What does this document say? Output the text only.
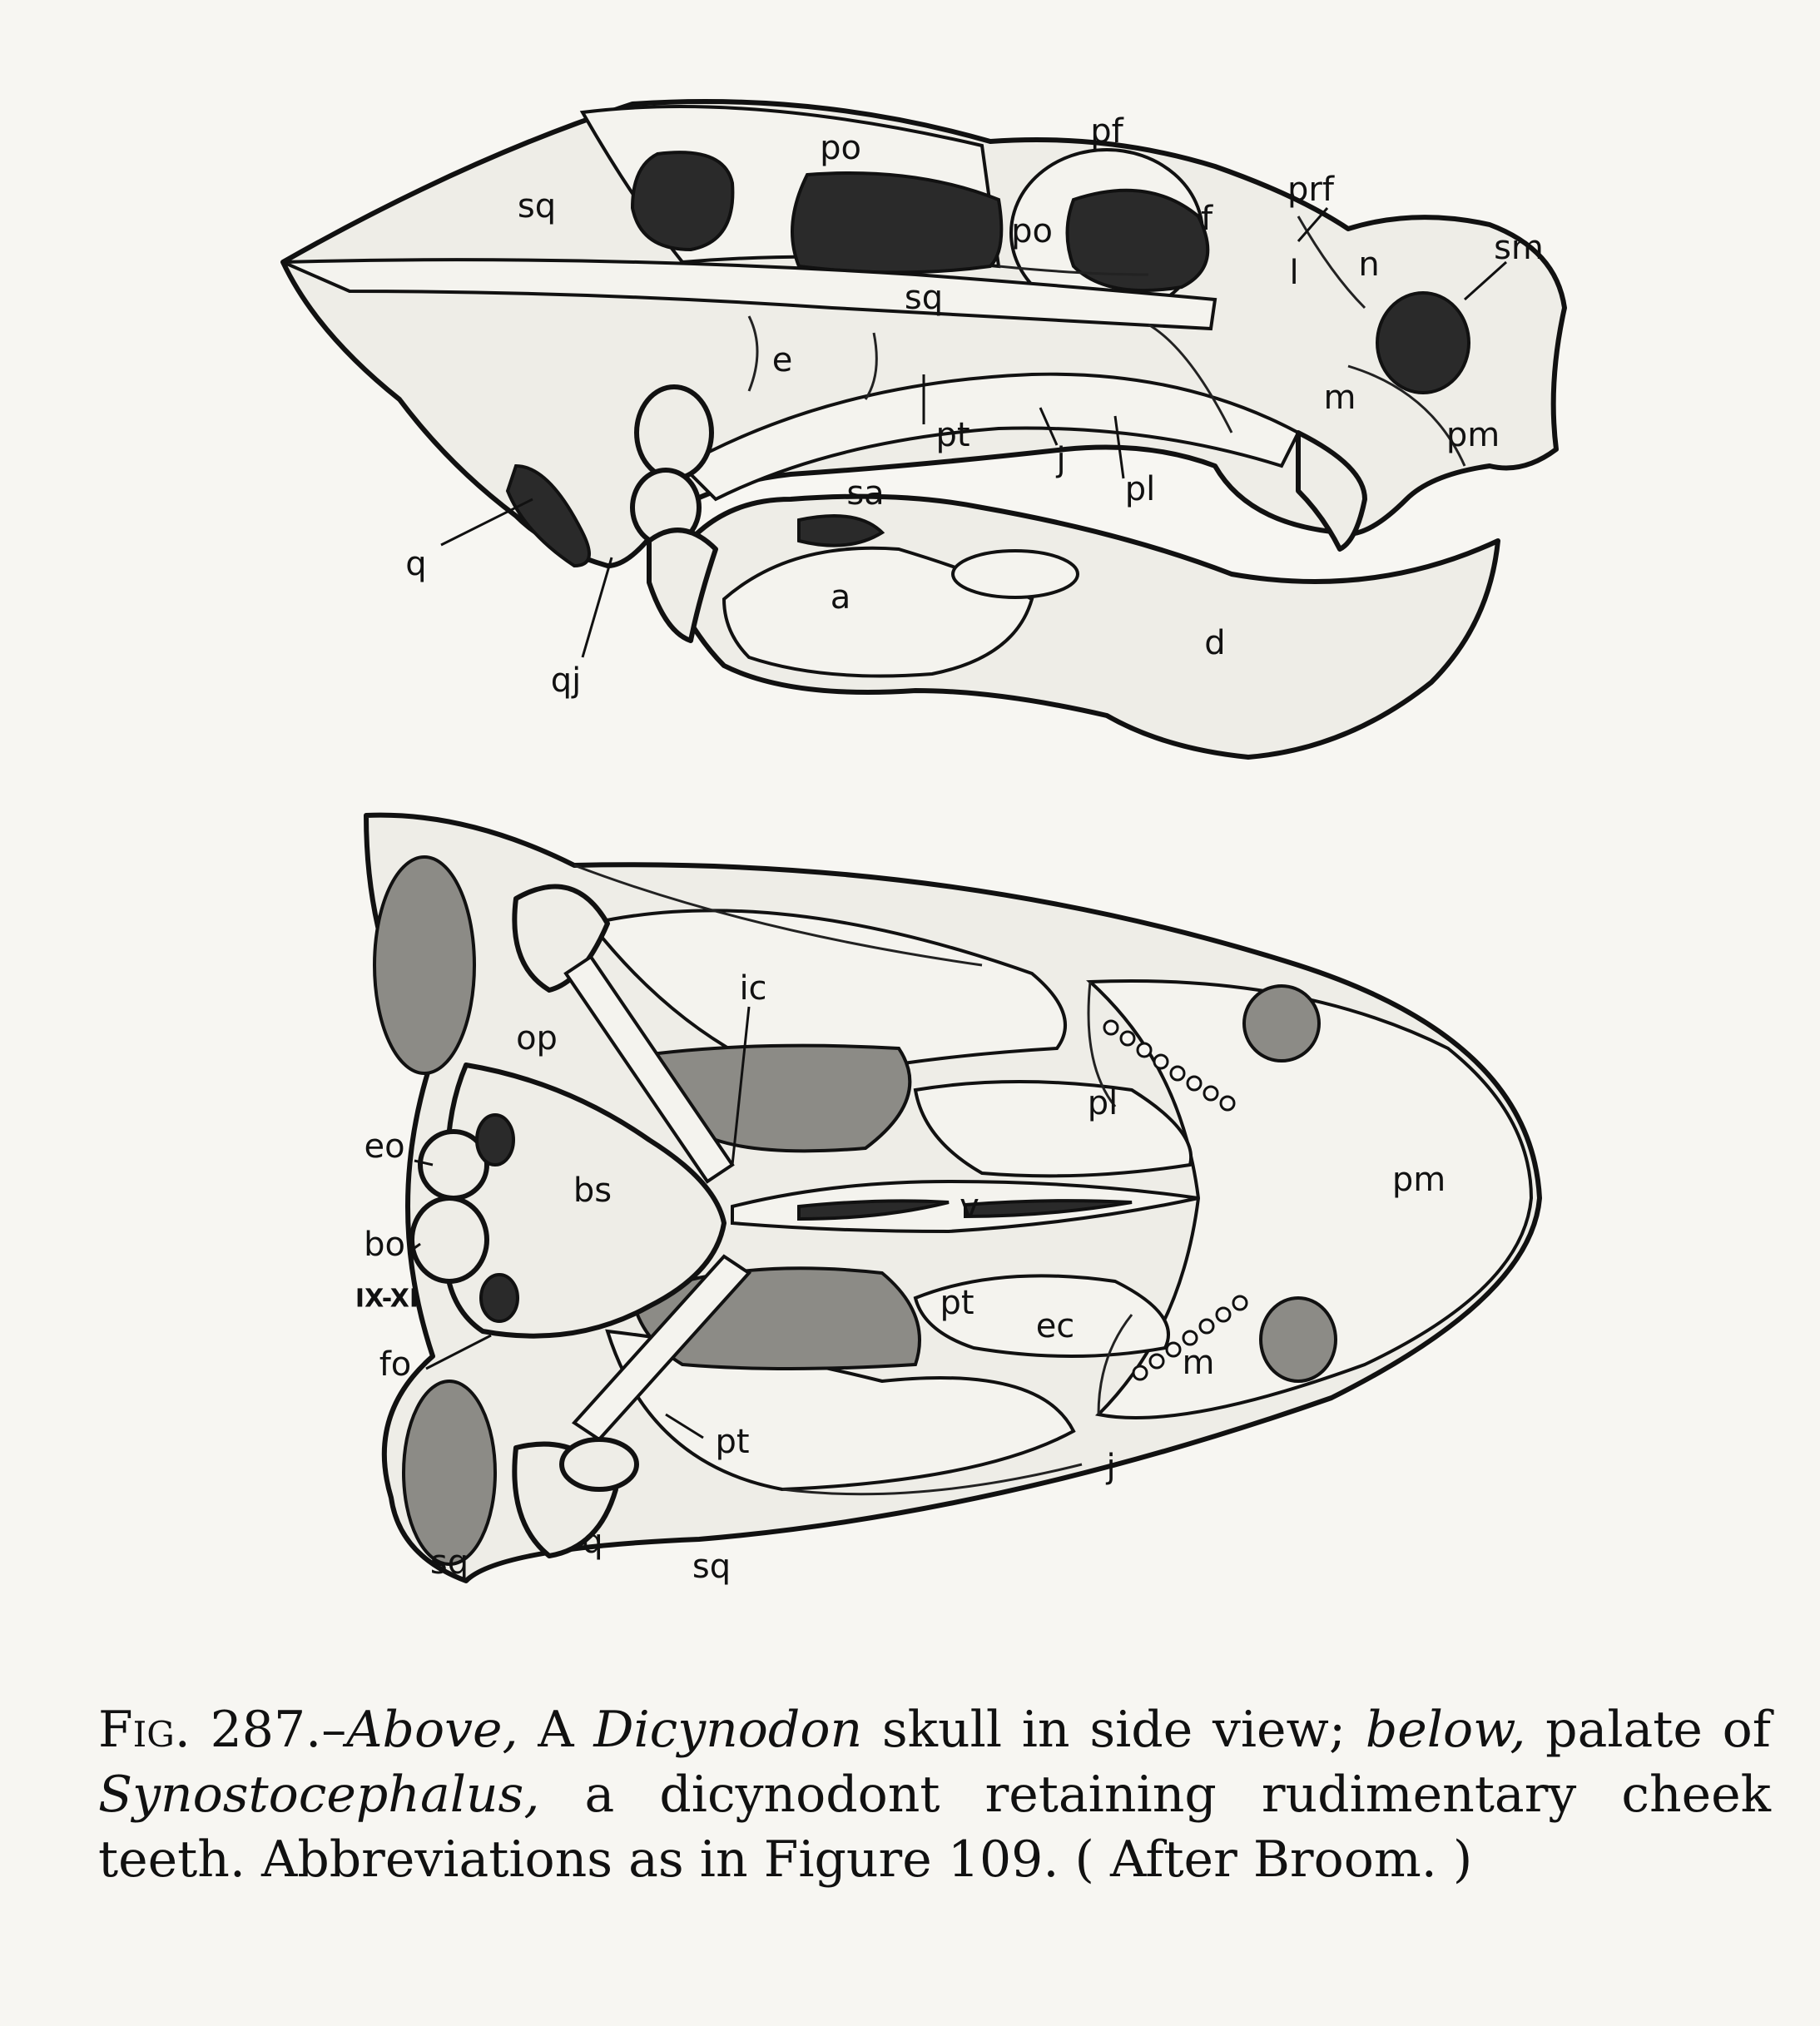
po	pf
prf
sq
po	f
l n	sm
sq
e
pt
j
pl
m
pm
sa
q
a
d
qj
ic
op
pl
eo
bs	v
pm
bo
pt
ec
IX-XI
m
fo
pt
j
sq
q
sq

Fig. 287.–Above, A Dicynodon skull in side view; below, palate of Synostocephalus, a dicynodont retaining rudimentary cheek teeth. Abbreviations as in Figure 109. ( After Broom. )
